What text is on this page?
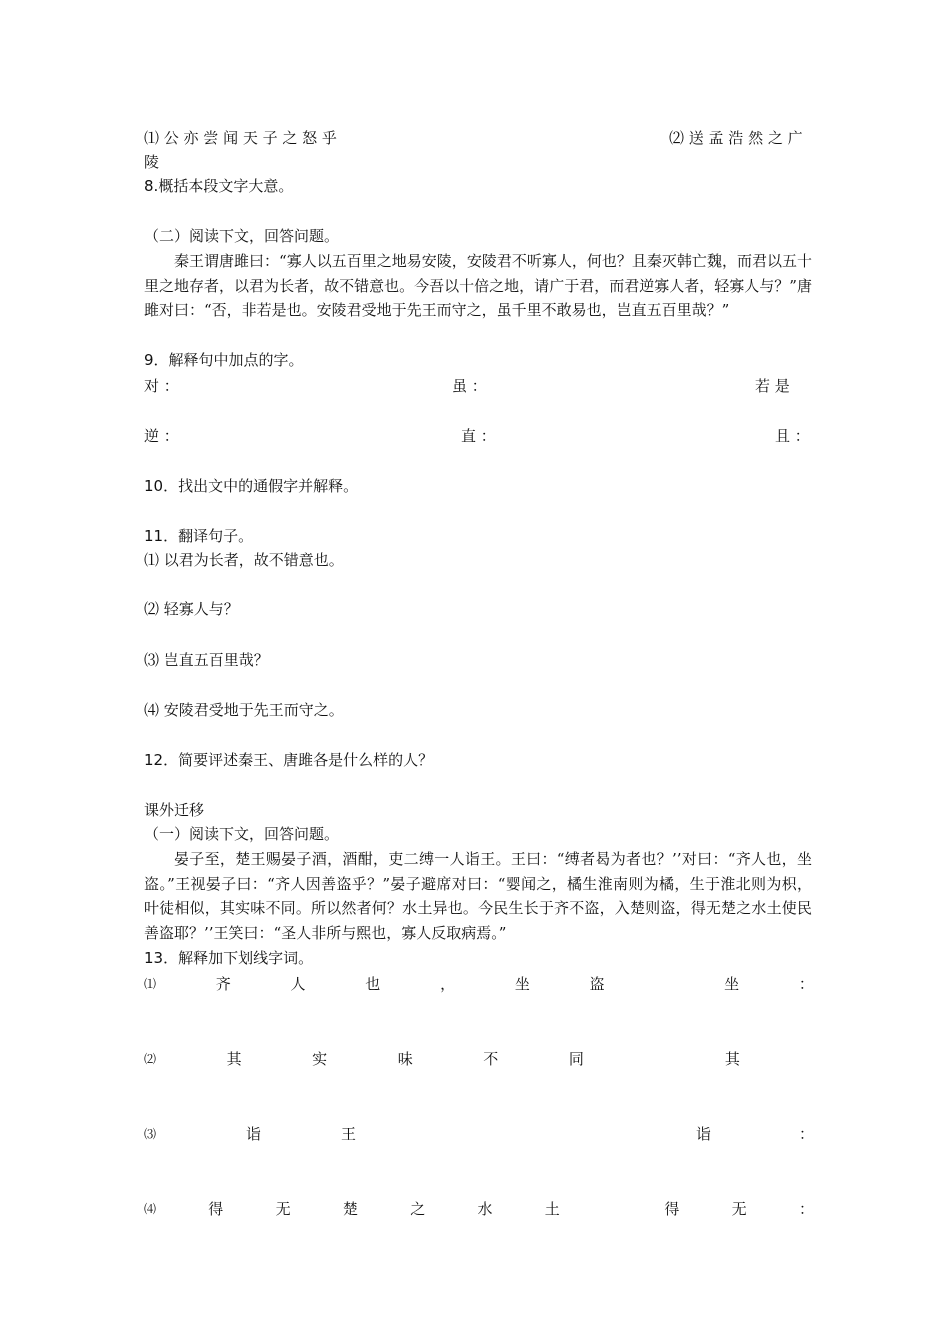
⑴ 公 亦 尝 闻 天 子 之 怒 乎	⑵ 送 孟 浩 然 之 广
陵
8.概括本段文字大意。
（二）阅读下文，回答问题。
秦王谓唐雎曰：“寡人以五百里之地易安陵，安陵君不听寡人，何也？且秦灭韩亡魏，而君以五十里之地存者，以君为长者，故不错意也。今吾以十倍之地，请广于君，而君逆寡人者，轻寡人与？”唐雎对曰：“否，非若是也。安陵君受地于先王而守之，虽千里不敢易也，岂直五百里哉？”
9．解释句中加点的字。
对 ：	虽 ：	若 是
逆 ：	直 ：	且 ：
10．找出文中的通假字并解释。
11．翻译句子。
⑴ 以君为长者，故不错意也。
⑵ 轻寡人与？
⑶ 岂直五百里哉？
⑷ 安陵君受地于先王而守之。
12．简要评述秦王、唐雎各是什么样的人？
课外迁移
（一）阅读下文，回答问题。
晏子至，楚王赐晏子酒，酒酣，吏二缚一人诣王。王曰：“缚者曷为者也？’’对曰：“齐人也，坐盗。”王视晏子曰：“齐人因善盗乎？”晏子避席对曰：“婴闻之，橘生淮南则为橘，生于淮北则为枳，叶徒相似，其实味不同。所以然者何？水土异也。今民生长于齐不盗，入楚则盗，得无楚之水土使民善盗耶？’’王笑曰：“圣人非所与熙也，寡人反取病焉。”
13．解释加下划线字词。
⑴	齐	人	也	，	坐	盗	坐	：
⑵	其	实	味	不	同	其
⑶	诣	王	诣	：
⑷	得	无	楚	之	水	土	得	无	：
